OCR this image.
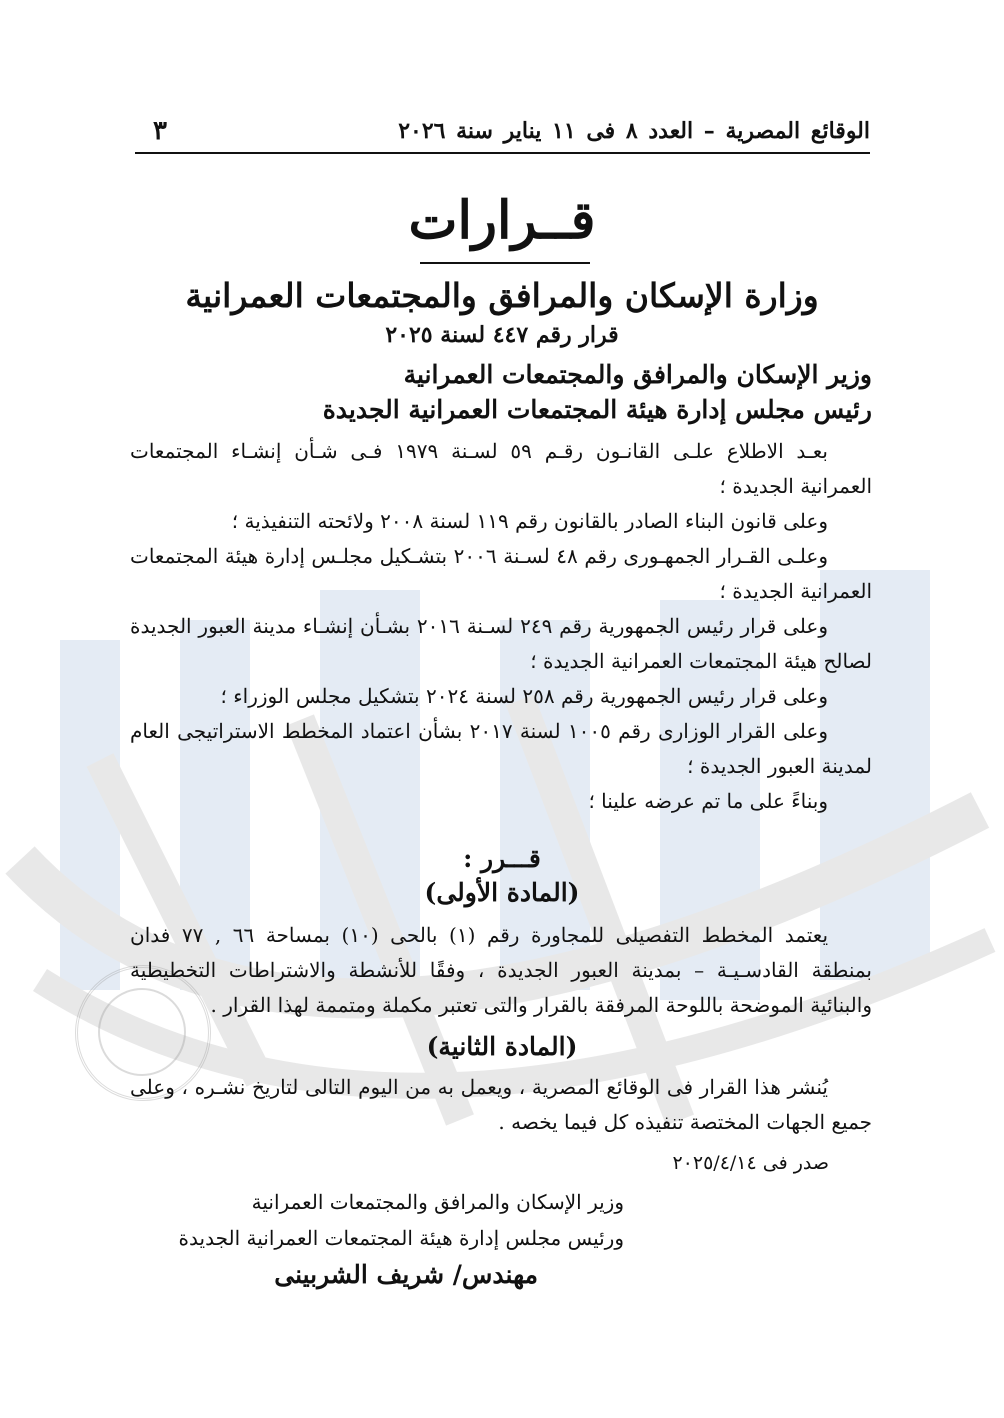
٣	الوقائع المصرية – العدد ٨ فى ١١ يناير سنة ٢٠٢٦
قــرارات
وزارة الإسكان والمرافق والمجتمعات العمرانية
قرار رقم ٤٤٧ لسنة ٢٠٢٥
وزير الإسكان والمرافق والمجتمعات العمرانية
رئيس مجلس إدارة هيئة المجتمعات العمرانية الجديدة

بعـد الاطلاع علـى القانـون رقـم ٥٩ لسـنة ١٩٧٩ فـى شـأن إنشـاء المجتمعات العمرانية الجديدة ؛

وعلى قانون البناء الصادر بالقانون رقم ١١٩ لسنة ٢٠٠٨ ولائحته التنفيذية ؛

وعلـى القـرار الجمهـورى رقم ٤٨ لسـنة ٢٠٠٦ بتشـكيل مجلـس إدارة هيئة المجتمعات العمرانية الجديدة ؛

وعلى قرار رئيس الجمهورية رقم ٢٤٩ لسـنة ٢٠١٦ بشـأن إنشـاء مدينة العبور الجديدة لصالح هيئة المجتمعات العمرانية الجديدة ؛

وعلى قرار رئيس الجمهورية رقم ٢٥٨ لسنة ٢٠٢٤ بتشكيل مجلس الوزراء ؛

وعلى القرار الوزارى رقم ١٠٠٥ لسنة ٢٠١٧ بشأن اعتماد المخطط الاستراتيجى العام لمدينة العبور الجديدة ؛

وبناءً على ما تم عرضه علينا ؛

قـــرر :
(المادة الأولى)

يعتمد المخطط التفصيلى للمجاورة رقم (١) بالحى (١٠) بمساحة ٦٦ , ٧٧ فدان بمنطقة القادسـيـة – بمدينة العبور الجديدة ، وفقًا للأنشطة والاشتراطات التخطيطية والبنائية الموضحة باللوحة المرفقة بالقرار والتى تعتبر مكملة ومتممة لهذا القرار .

(المادة الثانية)

يُنشر هذا القرار فى الوقائع المصرية ، ويعمل به من اليوم التالى لتاريخ نشـره ، وعلى جميع الجهات المختصة تنفيذه كل فيما يخصه .

صدر فى ٢٠٢٥/٤/١٤
وزير الإسكان والمرافق والمجتمعات العمرانية
ورئيس مجلس إدارة هيئة المجتمعات العمرانية الجديدة
مهندس/ شريف الشربينى
